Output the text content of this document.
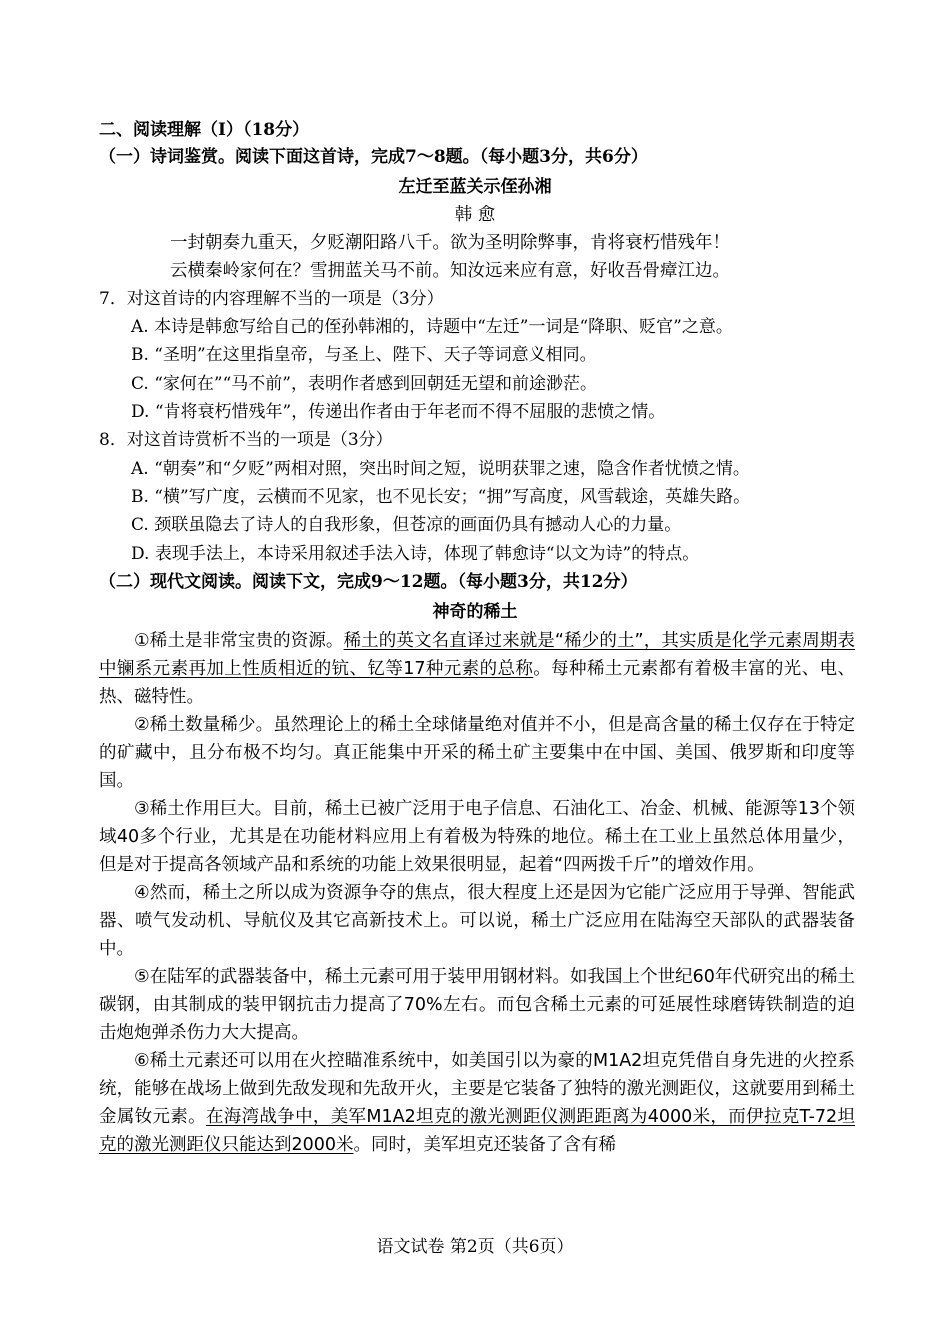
二、阅读理解（Ⅰ）（18分）
（一）诗词鉴赏。阅读下面这首诗，完成7～8题。（每小题3分，共6分）
左迁至蓝关示侄孙湘
韩 愈
一封朝奏九重天，夕贬潮阳路八千。欲为圣明除弊事，肯将衰朽惜残年！
云横秦岭家何在？雪拥蓝关马不前。知汝远来应有意，好收吾骨瘴江边。
7．对这首诗的内容理解不当的一项是（3分）
A. 本诗是韩愈写给自己的侄孙韩湘的，诗题中“左迁”一词是“降职、贬官”之意。
B. “圣明”在这里指皇帝，与圣上、陛下、天子等词意义相同。
C. “家何在”“马不前”，表明作者感到回朝廷无望和前途渺茫。
D. “肯将衰朽惜残年”，传递出作者由于年老而不得不屈服的悲愤之情。
8．对这首诗赏析不当的一项是（3分）
A. “朝奏”和“夕贬”两相对照，突出时间之短，说明获罪之速，隐含作者忧愤之情。
B. “横”写广度，云横而不见家，也不见长安；“拥”写高度，风雪载途，英雄失路。
C. 颈联虽隐去了诗人的自我形象，但苍凉的画面仍具有撼动人心的力量。
D. 表现手法上，本诗采用叙述手法入诗，体现了韩愈诗“以文为诗”的特点。
（二）现代文阅读。阅读下文，完成9～12题。（每小题3分，共12分）
神奇的稀土

①稀土是非常宝贵的资源。稀土的英文名直译过来就是“稀少的土”，其实质是化学元素周期表中镧系元素再加上性质相近的钪、钇等17种元素的总称。每种稀土元素都有着极丰富的光、电、热、磁特性。

②稀土数量稀少。虽然理论上的稀土全球储量绝对值并不小，但是高含量的稀土仅存在于特定的矿藏中，且分布极不均匀。真正能集中开采的稀土矿主要集中在中国、美国、俄罗斯和印度等国。

③稀土作用巨大。目前，稀土已被广泛用于电子信息、石油化工、冶金、机械、能源等13个领域40多个行业，尤其是在功能材料应用上有着极为特殊的地位。稀土在工业上虽然总体用量少，但是对于提高各领域产品和系统的功能上效果很明显，起着“四两拨千斤”的增效作用。

④然而，稀土之所以成为资源争夺的焦点，很大程度上还是因为它能广泛应用于导弹、智能武器、喷气发动机、导航仪及其它高新技术上。可以说，稀土广泛应用在陆海空天部队的武器装备中。

⑤在陆军的武器装备中，稀土元素可用于装甲用钢材料。如我国上个世纪60年代研究出的稀土碳钢，由其制成的装甲钢抗击力提高了70%左右。而包含稀土元素的可延展性球磨铸铁制造的迫击炮炮弹杀伤力大大提高。

⑥稀土元素还可以用在火控瞄准系统中，如美国引以为豪的M1A2坦克凭借自身先进的火控系统，能够在战场上做到先敌发现和先敌开火，主要是它装备了独特的激光测距仪，这就要用到稀土金属钕元素。在海湾战争中，美军M1A2坦克的激光测距仪测距距离为4000米，而伊拉克T-72坦克的激光测距仪只能达到2000米。同时，美军坦克还装备了含有稀

语文试卷 第2页（共6页）
